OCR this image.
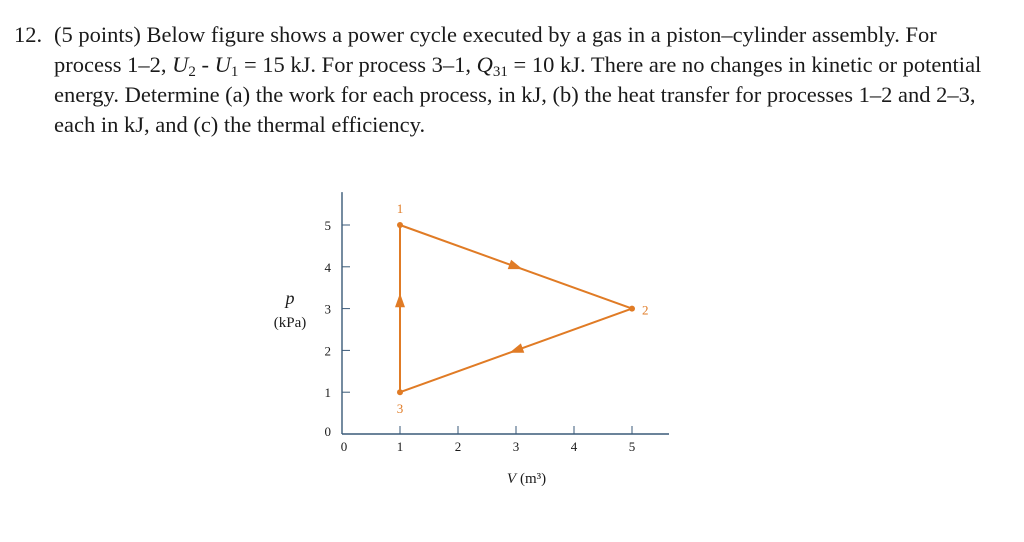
12. (5 points) Below figure shows a power cycle executed by a gas in a piston–cylinder assembly. For process 1–2, $U_2 - U_1 = 15$ kJ. For process 3–1, $Q_{31} = 10$ kJ. There are no changes in kinetic or potential energy. Determine (a) the work for each process, in kJ, (b) the heat transfer for processes 1–2 and 2–3, each in kJ, and (c) the thermal efficiency.

0	1	2	3	4	5
0
1
2
3
4
5
1
2
3
p
(kPa)
V (m³)
